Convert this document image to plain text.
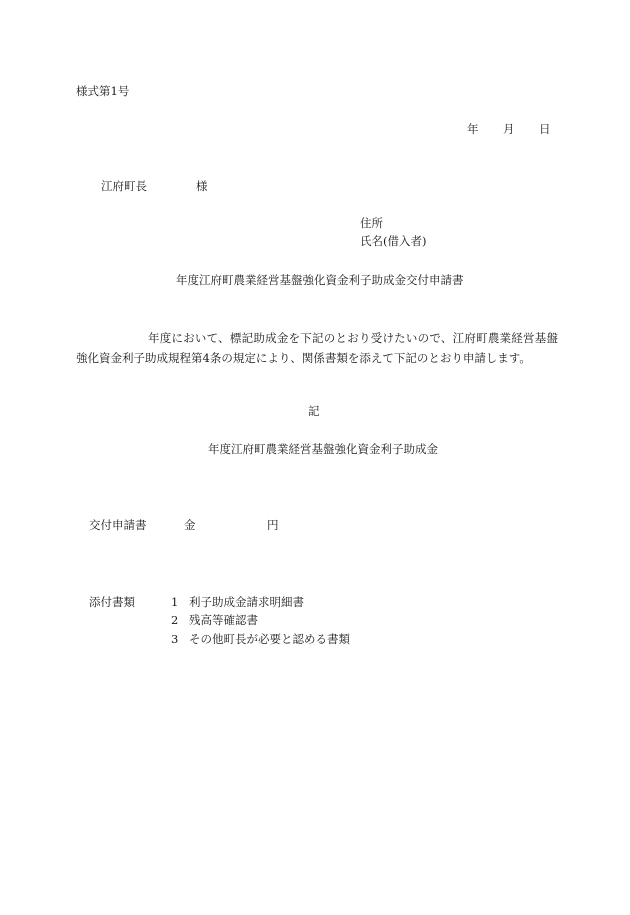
様式第1号
年 月 日
江府町長	様
住所
氏名(借入者)
年度江府町農業経営基盤強化資金利子助成金交付申請書

年度において、標記助成金を下記のとおり受けたいので、江府町農業経営基盤強化資金利子助成規程第4条の規定により、関係書類を添えて下記のとおり申請します。

記
年度江府町農業経営基盤強化資金利子助成金
交付申請書	金	円
添付書類	1 利子助成金請求明細書
2 残高等確認書
3 その他町長が必要と認める書類
